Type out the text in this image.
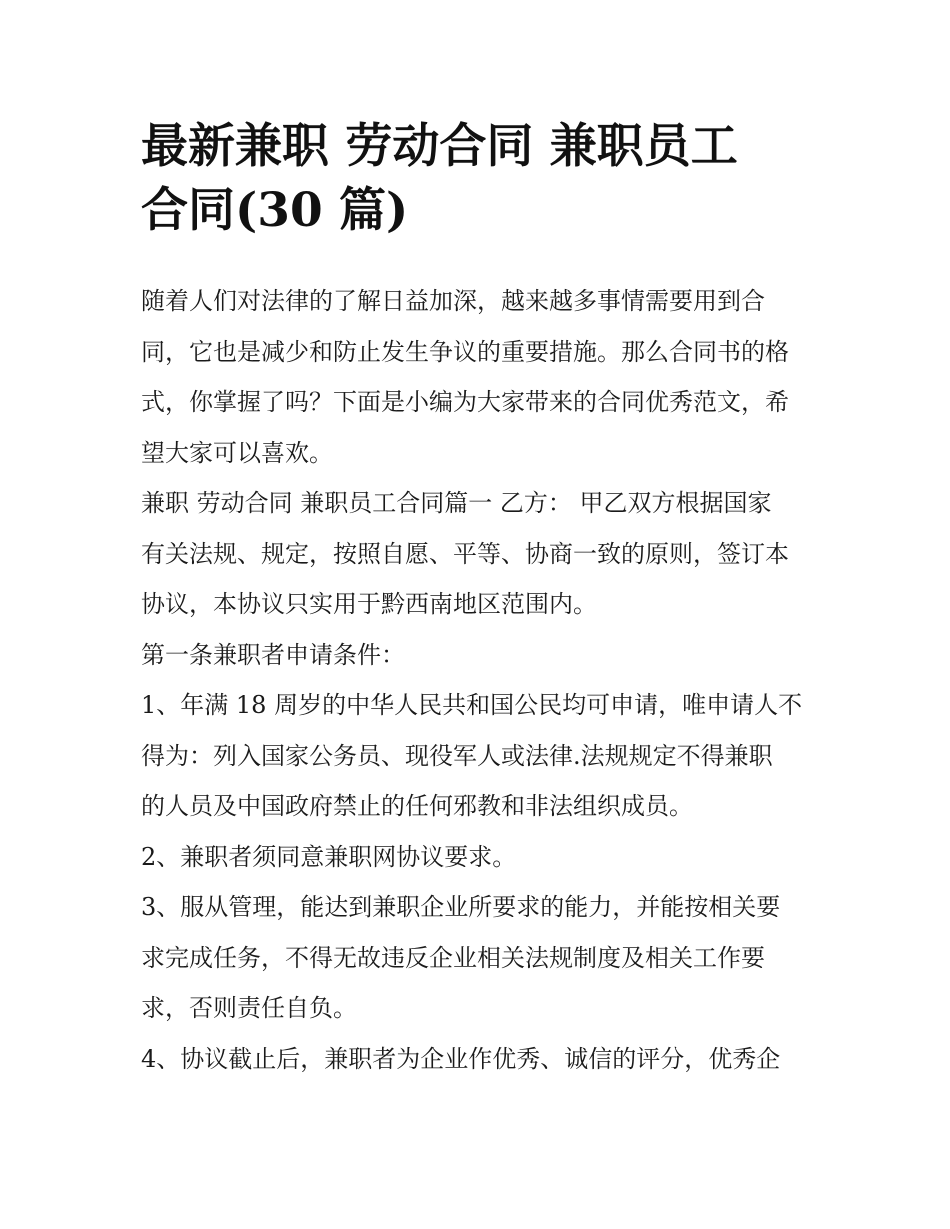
最新兼职 劳动合同 兼职员工
合同(30 篇)
随着人们对法律的了解日益加深，越来越多事情需要用到合
同，它也是减少和防止发生争议的重要措施。那么合同书的格
式，你掌握了吗？下面是小编为大家带来的合同优秀范文，希
望大家可以喜欢。
兼职 劳动合同 兼职员工合同篇一 乙方： 甲乙双方根据国家
有关法规、规定，按照自愿、平等、协商一致的原则，签订本
协议，本协议只实用于黔西南地区范围内。
第一条兼职者申请条件：
1、年满 18 周岁的中华人民共和国公民均可申请，唯申请人不
得为：列入国家公务员、现役军人或法律.法规规定不得兼职
的人员及中国政府禁止的任何邪教和非法组织成员。
2、兼职者须同意兼职网协议要求。
3、服从管理，能达到兼职企业所要求的能力，并能按相关要
求完成任务，不得无故违反企业相关法规制度及相关工作要
求，否则责任自负。
4、协议截止后，兼职者为企业作优秀、诚信的评分，优秀企
